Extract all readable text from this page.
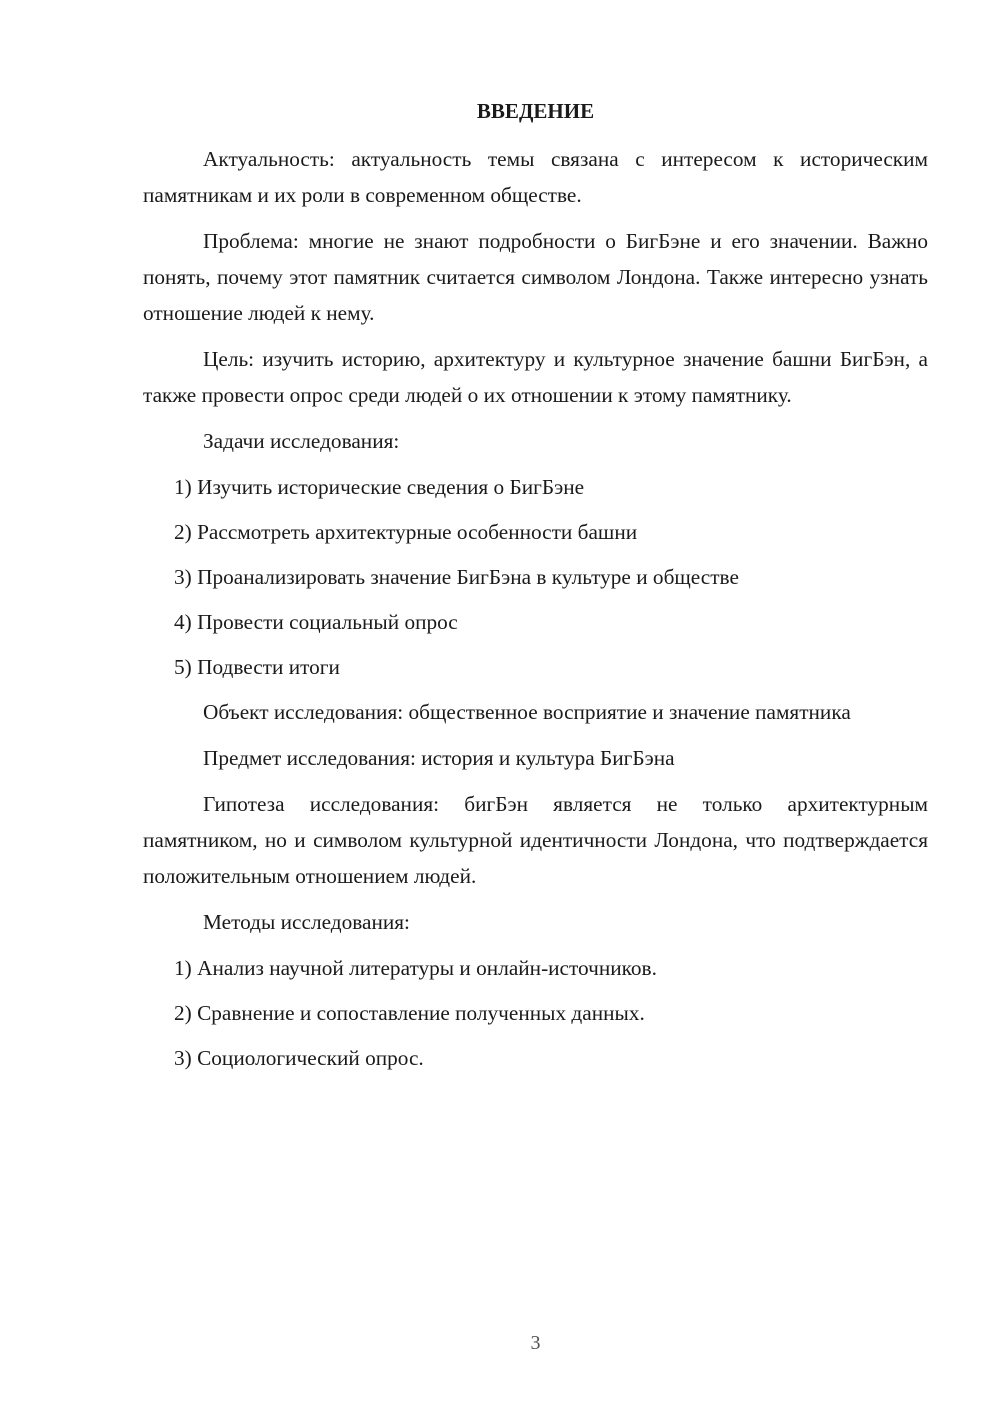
ВВЕДЕНИЕ

Актуальность: актуальность темы связана с интересом к историческим памятникам и их роли в современном обществе.

Проблема: многие не знают подробности о БигБэне и его значении. Важно понять, почему этот памятник считается символом Лондона. Также интересно узнать отношение людей к нему.

Цель: изучить историю, архитектуру и культурное значение башни БигБэн, а также провести опрос среди людей о их отношении к этому памятнику.

Задачи исследования:

1) Изучить исторические сведения о БигБэне
2) Рассмотреть архитектурные особенности башни
3) Проанализировать значение БигБэна в культуре и обществе
4) Провести социальный опрос
5) Подвести итоги

Объект исследования: общественное восприятие и значение памятника

Предмет исследования: история и культура БигБэна

Гипотеза исследования: бигБэн является не только архитектурным памятником, но и символом культурной идентичности Лондона, что подтверждается положительным отношением людей.

Методы исследования:

1) Анализ научной литературы и онлайн-источников.
2) Сравнение и сопоставление полученных данных.
3) Социологический опрос.
3
